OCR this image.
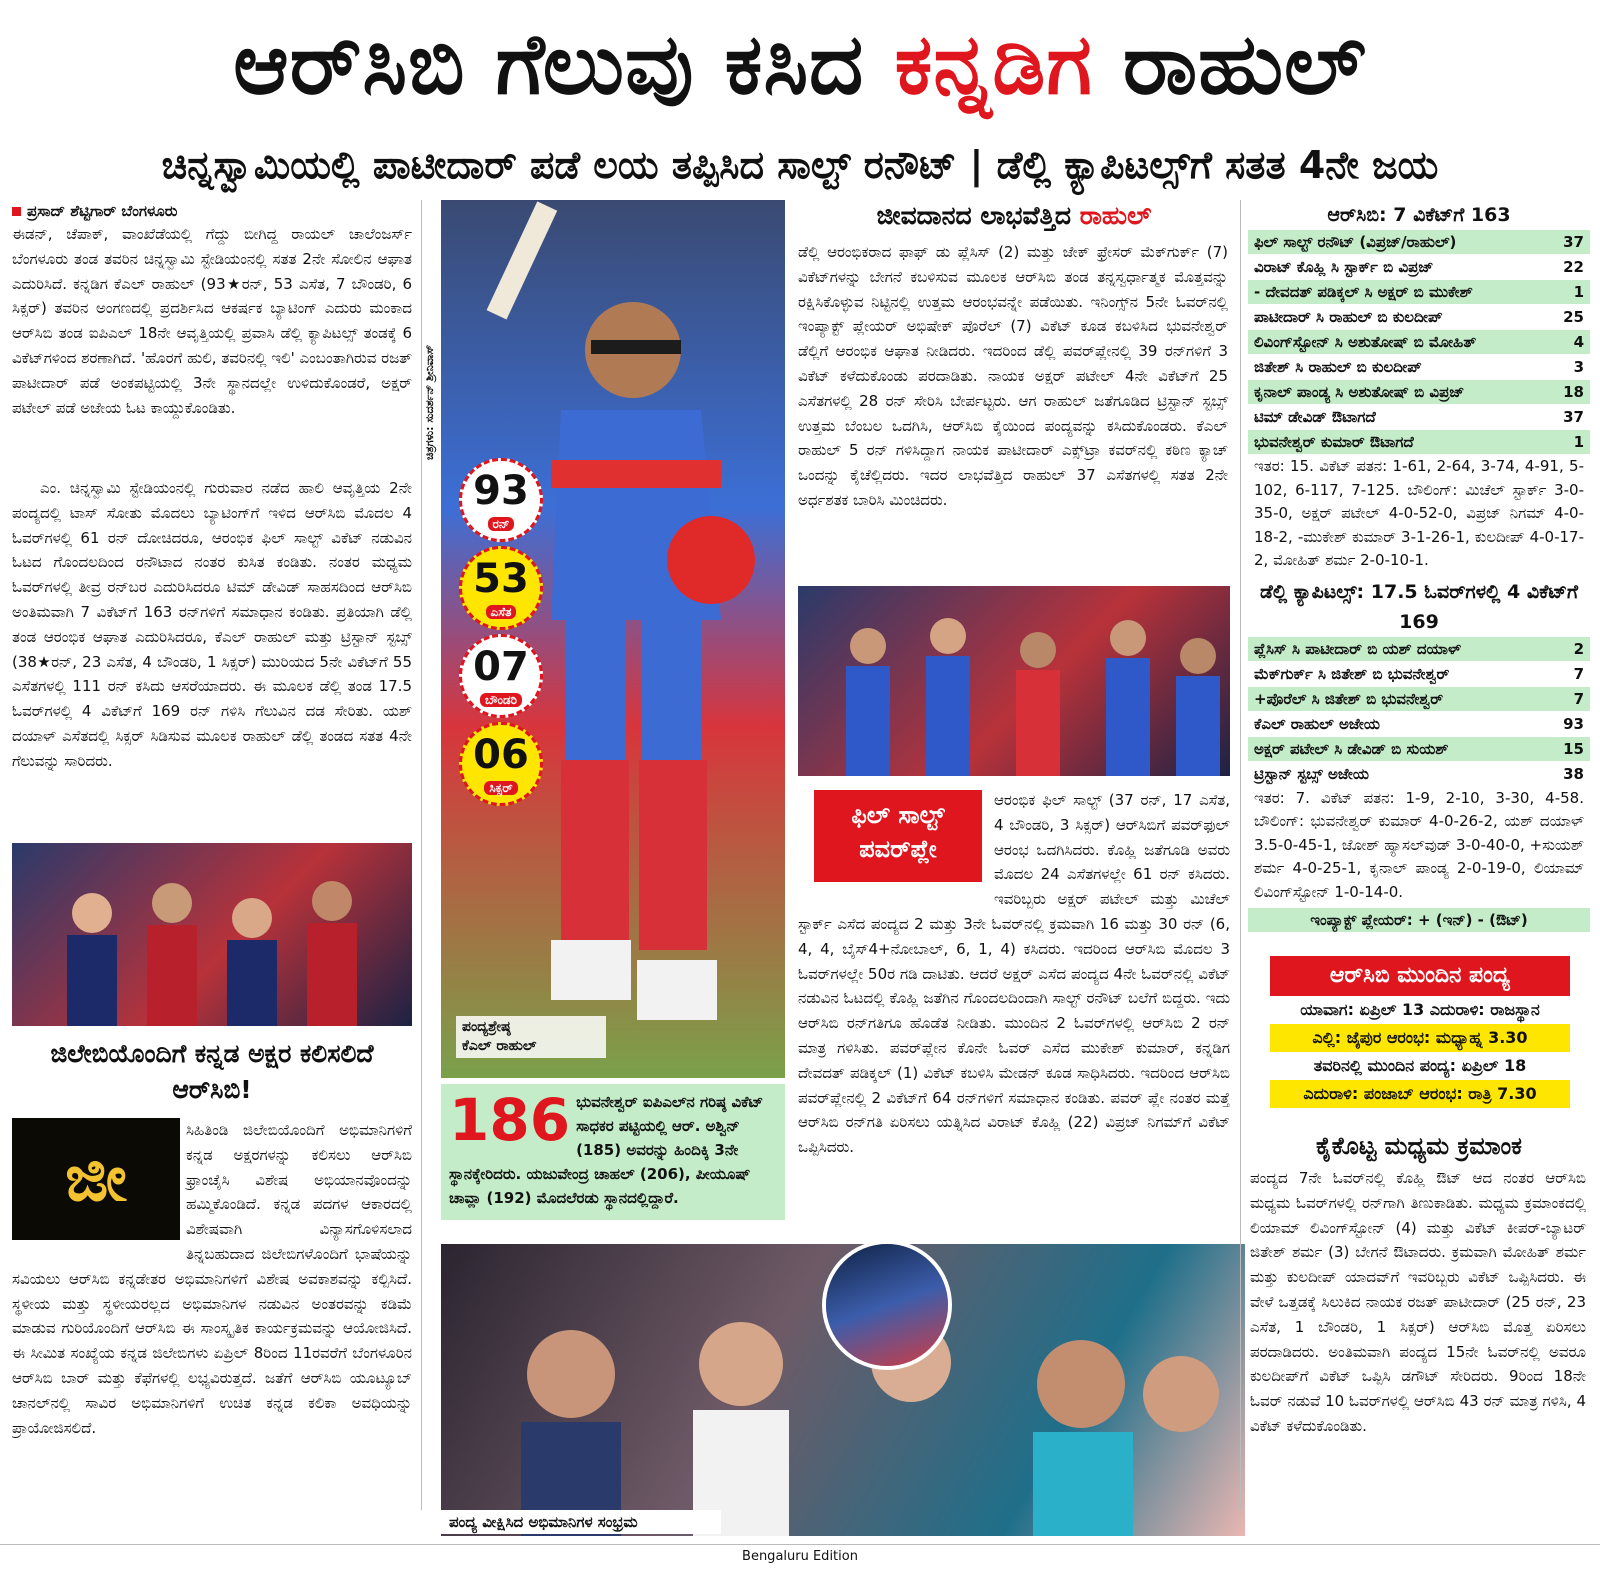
ಆರ್‌ಸಿಬಿ ಗೆಲುವು ಕಸಿದ ಕನ್ನಡಿಗ ರಾಹುಲ್
ಚಿನ್ನಸ್ವಾಮಿಯಲ್ಲಿ ಪಾಟೀದಾರ್ ಪಡೆ ಲಯ ತಪ್ಪಿಸಿದ ಸಾಲ್ಟ್ ರನೌಟ್ | ಡೆಲ್ಲಿ ಕ್ಯಾಪಿಟಲ್ಸ್‌ಗೆ ಸತತ 4ನೇ ಜಯ
ಪ್ರಸಾದ್ ಶೆಟ್ಟಿಗಾರ್ ಬೆಂಗಳೂರು
ಈಡನ್, ಚೆಪಾಕ್, ವಾಂಖೆಡೆಯಲ್ಲಿ ಗೆದ್ದು ಬೀಗಿದ್ದ ರಾಯಲ್ ಚಾಲೆಂಜರ್ಸ್ ಬೆಂಗಳೂರು ತಂಡ ತವರಿನ ಚಿನ್ನಸ್ವಾಮಿ ಸ್ಟೇಡಿಯಂನಲ್ಲಿ ಸತತ 2ನೇ ಸೋಲಿನ ಆಘಾತ ಎದುರಿಸಿದೆ. ಕನ್ನಡಿಗ ಕೆಎಲ್ ರಾಹುಲ್ (93★ರನ್, 53 ಎಸೆತ, 7 ಬೌಂಡರಿ, 6 ಸಿಕ್ಸರ್) ತವರಿನ ಅಂಗಣದಲ್ಲಿ ಪ್ರದರ್ಶಿಸಿದ ಆಕರ್ಷಕ ಬ್ಯಾಟಿಂಗ್ ಎದುರು ಮಂಕಾದ ಆರ್‌ಸಿಬಿ ತಂಡ ಐಪಿಎಲ್ 18ನೇ ಆವೃತ್ತಿಯಲ್ಲಿ ಪ್ರವಾಸಿ ಡೆಲ್ಲಿ ಕ್ಯಾಪಿಟಲ್ಸ್ ತಂಡಕ್ಕೆ 6 ವಿಕೆಟ್‌ಗಳಿಂದ ಶರಣಾಗಿದೆ. 'ಹೊರಗೆ ಹುಲಿ, ತವರಿನಲ್ಲಿ ಇಲಿ' ಎಂಬಂತಾಗಿರುವ ರಜತ್ ಪಾಟೀದಾರ್ ಪಡೆ ಅಂಕಪಟ್ಟಿಯಲ್ಲಿ 3ನೇ ಸ್ಥಾನದಲ್ಲೇ ಉಳಿದುಕೊಂಡರೆ, ಅಕ್ಷರ್ ಪಟೇಲ್ ಪಡೆ ಅಜೇಯ ಓಟ ಕಾಯ್ದುಕೊಂಡಿತು.
ಎಂ. ಚಿನ್ನಸ್ವಾಮಿ ಸ್ಟೇಡಿಯಂನಲ್ಲಿ ಗುರುವಾರ ನಡೆದ ಹಾಲಿ ಆವೃತ್ತಿಯ 2ನೇ ಪಂದ್ಯದಲ್ಲಿ ಟಾಸ್ ಸೋತು ಮೊದಲು ಬ್ಯಾಟಿಂಗ್‌ಗೆ ಇಳಿದ ಆರ್‌ಸಿಬಿ ಮೊದಲ 4 ಓವರ್‌ಗಳಲ್ಲಿ 61 ರನ್ ದೋಚಿದರೂ, ಆರಂಭಿಕ ಫಿಲ್ ಸಾಲ್ಟ್ ವಿಕೆಟ್ ನಡುವಿನ ಓಟದ ಗೊಂದಲದಿಂದ ರನೌಟಾದ ನಂತರ ಕುಸಿತ ಕಂಡಿತು. ನಂತರ ಮಧ್ಯಮ ಓವರ್‌ಗಳಲ್ಲಿ ತೀವ್ರ ರನ್‌ಬರ ಎದುರಿಸಿದರೂ ಟಿಮ್ ಡೇವಿಡ್ ಸಾಹಸದಿಂದ ಆರ್‌ಸಿಬಿ ಅಂತಿಮವಾಗಿ 7 ವಿಕೆಟ್‌ಗೆ 163 ರನ್‌ಗಳಿಗೆ ಸಮಾಧಾನ ಕಂಡಿತು. ಪ್ರತಿಯಾಗಿ ಡೆಲ್ಲಿ ತಂಡ ಆರಂಭಿಕ ಆಘಾತ ಎದುರಿಸಿದರೂ, ಕೆಎಲ್ ರಾಹುಲ್ ಮತ್ತು ಟ್ರಿಸ್ಟಾನ್ ಸ್ಟಬ್ಸ್ (38★ರನ್, 23 ಎಸೆತ, 4 ಬೌಂಡರಿ, 1 ಸಿಕ್ಸರ್) ಮುರಿಯದ 5ನೇ ವಿಕೆಟ್‌ಗೆ 55 ಎಸೆತಗಳಲ್ಲಿ 111 ರನ್ ಕಸಿದು ಆಸರೆಯಾದರು. ಈ ಮೂಲಕ ಡೆಲ್ಲಿ ತಂಡ 17.5 ಓವರ್‌ಗಳಲ್ಲಿ 4 ವಿಕೆಟ್‌ಗೆ 169 ರನ್ ಗಳಿಸಿ ಗೆಲುವಿನ ದಡ ಸೇರಿತು. ಯಶ್ ದಯಾಳ್ ಎಸೆತದಲ್ಲಿ ಸಿಕ್ಸರ್ ಸಿಡಿಸುವ ಮೂಲಕ ರಾಹುಲ್ ಡೆಲ್ಲಿ ತಂಡದ ಸತತ 4ನೇ ಗೆಲುವನ್ನು ಸಾರಿದರು.
ಜಿಲೇಬಿಯೊಂದಿಗೆ ಕನ್ನಡ ಅಕ್ಷರ ಕಲಿಸಲಿದೆ ಆರ್‌ಸಿಬಿ!
ಜೀ
ಸಿಹಿತಿಂಡಿ ಜಿಲೇಬಿಯೊಂದಿಗೆ ಅಭಿಮಾನಿಗಳಿಗೆ ಕನ್ನಡ ಅಕ್ಷರಗಳನ್ನು ಕಲಿಸಲು ಆರ್‌ಸಿಬಿ ಫ್ರಾಂಚೈಸಿ ವಿಶೇಷ ಅಭಿಯಾನವೊಂದನ್ನು ಹಮ್ಮಿಕೊಂಡಿದೆ. ಕನ್ನಡ ಪದಗಳ ಆಕಾರದಲ್ಲಿ ವಿಶೇಷವಾಗಿ ವಿನ್ಯಾಸಗೊಳಿಸಲಾದ ತಿನ್ನಬಹುದಾದ ಜಿಲೇಬಿಗಳೊಂದಿಗೆ ಭಾಷೆಯನ್ನು ಸವಿಯಲು ಆರ್‌ಸಿಬಿ ಕನ್ನಡೇತರ ಅಭಿಮಾನಿಗಳಿಗೆ ವಿಶೇಷ ಅವಕಾಶವನ್ನು ಕಲ್ಪಿಸಿದೆ. ಸ್ಥಳೀಯ ಮತ್ತು ಸ್ಥಳೀಯರಲ್ಲದ ಅಭಿಮಾನಿಗಳ ನಡುವಿನ ಅಂತರವನ್ನು ಕಡಿಮೆ ಮಾಡುವ ಗುರಿಯೊಂದಿಗೆ ಆರ್‌ಸಿಬಿ ಈ ಸಾಂಸ್ಕೃತಿಕ ಕಾರ್ಯಕ್ರಮವನ್ನು ಆಯೋಜಿಸಿದೆ. ಈ ಸೀಮಿತ ಸಂಖ್ಯೆಯ ಕನ್ನಡ ಜಿಲೇಬಿಗಳು ಏಪ್ರಿಲ್ 8ರಿಂದ 11ರವರೆಗೆ ಬೆಂಗಳೂರಿನ ಆರ್‌ಸಿಬಿ ಬಾರ್ ಮತ್ತು ಕೆಫೆಗಳಲ್ಲಿ ಲಭ್ಯವಿರುತ್ತದೆ. ಜತೆಗೆ ಆರ್‌ಸಿಬಿ ಯೂಟ್ಯೂಬ್ ಚಾನಲ್‌ನಲ್ಲಿ ಸಾವಿರ ಅಭಿಮಾನಿಗಳಿಗೆ ಉಚಿತ ಕನ್ನಡ ಕಲಿಕಾ ಅವಧಿಯನ್ನು ಪ್ರಾಯೋಜಿಸಲಿದೆ.
ಚಿತ್ರಗಳು: ಸುದರ್ಶನ್ ಶ್ರೀನಿವಾಸ್
93
ರನ್
53
ಎಸೆತ
07
ಬೌಂಡರಿ
06
ಸಿಕ್ಸರ್
ಪಂದ್ಯಶ್ರೇಷ್ಠ
ಕೆಎಲ್ ರಾಹುಲ್
186 ಭುವನೇಶ್ವರ್ ಐಪಿಎಲ್‌ನ ಗರಿಷ್ಠ ವಿಕೆಟ್ ಸಾಧಕರ ಪಟ್ಟಿಯಲ್ಲಿ ಆರ್. ಅಶ್ವಿನ್ (185) ಅವರನ್ನು ಹಿಂದಿಕ್ಕಿ 3ನೇ ಸ್ಥಾನಕ್ಕೇರಿದರು. ಯಜುವೇಂದ್ರ ಚಾಹಲ್ (206), ಪೀಯೂಷ್ ಚಾವ್ಲಾ (192) ಮೊದಲೆರಡು ಸ್ಥಾನದಲ್ಲಿದ್ದಾರೆ.
ಜೀವದಾನದ ಲಾಭವೆತ್ತಿದ ರಾಹುಲ್
ಡೆಲ್ಲಿ ಆರಂಭಿಕರಾದ ಫಾಫ್ ಡು ಪ್ಲೆಸಿಸ್ (2) ಮತ್ತು ಜೇಕ್ ಫ್ರೇಸರ್ ಮೆಕ್‌ಗುರ್ಕ್ (7) ವಿಕೆಟ್‌ಗಳನ್ನು ಬೇಗನೆ ಕಬಳಿಸುವ ಮೂಲಕ ಆರ್‌ಸಿಬಿ ತಂಡ ತನ್ನಸ್ವರ್ಧಾತ್ಮಕ ಮೊತ್ತವನ್ನು ರಕ್ಷಿಸಿಕೊಳ್ಳುವ ನಿಟ್ಟಿನಲ್ಲಿ ಉತ್ತಮ ಆರಂಭವನ್ನೇ ಪಡೆಯಿತು. ಇನಿಂಗ್ಸ್‌ನ 5ನೇ ಓವರ್‌ನಲ್ಲಿ ಇಂಪ್ಯಾಕ್ಟ್ ಪ್ಲೇಯರ್ ಅಭಿಷೇಕ್ ಪೊರೆಲ್ (7) ವಿಕೆಟ್ ಕೂಡ ಕಬಳಿಸಿದ ಭುವನೇಶ್ವರ್ ಡೆಲ್ಲಿಗೆ ಆರಂಭಿಕ ಆಘಾತ ನೀಡಿದರು. ಇದರಿಂದ ಡೆಲ್ಲಿ ಪವರ್‌ಪ್ಲೇನಲ್ಲಿ 39 ರನ್‌ಗಳಿಗೆ 3 ವಿಕೆಟ್ ಕಳೆದುಕೊಂಡು ಪರದಾಡಿತು. ನಾಯಕ ಅಕ್ಷರ್ ಪಟೇಲ್ 4ನೇ ವಿಕೆಟ್‌ಗೆ 25 ಎಸೆತಗಳಲ್ಲಿ 28 ರನ್ ಸೇರಿಸಿ ಬೇರ್ಪಟ್ಟರು. ಆಗ ರಾಹುಲ್ ಜತೆಗೂಡಿದ ಟ್ರಿಸ್ಟಾನ್ ಸ್ಟಬ್ಸ್ ಉತ್ತಮ ಬೆಂಬಲ ಒದಗಿಸಿ, ಆರ್‌ಸಿಬಿ ಕೈಯಿಂದ ಪಂದ್ಯವನ್ನು ಕಸಿದುಕೊಂಡರು. ಕೆಎಲ್ ರಾಹುಲ್ 5 ರನ್ ಗಳಿಸಿದ್ದಾಗ ನಾಯಕ ಪಾಟೀದಾರ್ ಎಕ್ಸ್‌ಟ್ರಾ ಕವರ್‌ನಲ್ಲಿ ಕಠಿಣ ಕ್ಯಾಚ್ ಒಂದನ್ನು ಕೈಚೆಲ್ಲಿದರು. ಇದರ ಲಾಭವೆತ್ತಿದ ರಾಹುಲ್ 37 ಎಸೆತಗಳಲ್ಲಿ ಸತತ 2ನೇ ಅರ್ಧಶತಕ ಬಾರಿಸಿ ಮಿಂಚಿದರು.
ಫಿಲ್ ಸಾಲ್ಟ್
ಪವರ್‌ಪ್ಲೇ
ಆರಂಭಿಕ ಫಿಲ್ ಸಾಲ್ಟ್ (37 ರನ್, 17 ಎಸೆತ, 4 ಬೌಂಡರಿ, 3 ಸಿಕ್ಸರ್) ಆರ್‌ಸಿಬಿಗೆ ಪವರ್‌ಫುಲ್ ಆರಂಭ ಒದಗಿಸಿದರು. ಕೊಹ್ಲಿ ಜತೆಗೂಡಿ ಅವರು ಮೊದಲ 24 ಎಸೆತಗಳಲ್ಲೇ 61 ರನ್ ಕಸಿದರು. ಇವರಿಬ್ಬರು ಅಕ್ಷರ್ ಪಟೇಲ್ ಮತ್ತು ಮಿಚೆಲ್ ಸ್ಟಾರ್ಕ್ ಎಸೆದ ಪಂದ್ಯದ 2 ಮತ್ತು 3ನೇ ಓವರ್‌ನಲ್ಲಿ ಕ್ರಮವಾಗಿ 16 ಮತ್ತು 30 ರನ್ (6, 4, 4, ಬೈಸ್4+ನೋಬಾಲ್, 6, 1, 4) ಕಸಿದರು. ಇದರಿಂದ ಆರ್‌ಸಿಬಿ ಮೊದಲ 3 ಓವರ್‌ಗಳಲ್ಲೇ 50ರ ಗಡಿ ದಾಟಿತು. ಆದರೆ ಅಕ್ಷರ್ ಎಸೆದ ಪಂದ್ಯದ 4ನೇ ಓವರ್‌ನಲ್ಲಿ ವಿಕೆಟ್ ನಡುವಿನ ಓಟದಲ್ಲಿ ಕೊಹ್ಲಿ ಜತೆಗಿನ ಗೊಂದಲದಿಂದಾಗಿ ಸಾಲ್ಟ್ ರನೌಟ್ ಬಲೆಗೆ ಬಿದ್ದರು. ಇದು ಆರ್‌ಸಿಬಿ ರನ್‌ಗತಿಗೂ ಹೊಡೆತ ನೀಡಿತು. ಮುಂದಿನ 2 ಓವರ್‌ಗಳಲ್ಲಿ ಆರ್‌ಸಿಬಿ 2 ರನ್ ಮಾತ್ರ ಗಳಿಸಿತು. ಪವರ್‌ಪ್ಲೇನ ಕೊನೇ ಓವರ್ ಎಸೆದ ಮುಕೇಶ್ ಕುಮಾರ್, ಕನ್ನಡಿಗ ದೇವದತ್ ಪಡಿಕ್ಕಲ್ (1) ವಿಕೆಟ್ ಕಬಳಿಸಿ ಮೇಡನ್ ಕೂಡ ಸಾಧಿಸಿದರು. ಇದರಿಂದ ಆರ್‌ಸಿಬಿ ಪವರ್‌ಪ್ಲೇನಲ್ಲಿ 2 ವಿಕೆಟ್‌ಗೆ 64 ರನ್‌ಗಳಿಗೆ ಸಮಾಧಾನ ಕಂಡಿತು. ಪವರ್ ಪ್ಲೇ ನಂತರ ಮತ್ತೆ ಆರ್‌ಸಿಬಿ ರನ್‌ಗತಿ ಏರಿಸಲು ಯತ್ನಿಸಿದ ವಿರಾಟ್ ಕೊಹ್ಲಿ (22) ವಿಪ್ರಜ್ ನಿಗಮ್‌ಗೆ ವಿಕೆಟ್ ಒಪ್ಪಿಸಿದರು.
ಪಂದ್ಯ ವೀಕ್ಷಿಸಿದ ಅಭಿಮಾನಿಗಳ ಸಂಭ್ರಮ
ಆರ್‌ಸಿಬಿ: 7 ವಿಕೆಟ್‌ಗೆ 163
ಫಿಲ್ ಸಾಲ್ಟ್ ರನೌಟ್ (ವಿಪ್ರಜ್/ರಾಹುಲ್)	37
ವಿರಾಟ್ ಕೊಹ್ಲಿ ಸಿ ಸ್ಟಾರ್ಕ್ ಬಿ ವಿಪ್ರಜ್	22
- ದೇವದತ್ ಪಡಿಕ್ಕಲ್ ಸಿ ಅಕ್ಷರ್ ಬಿ ಮುಕೇಶ್	1
ಪಾಟೀದಾರ್ ಸಿ ರಾಹುಲ್ ಬಿ ಕುಲದೀಪ್	25
ಲಿವಿಂಗ್‌ಸ್ಟೋನ್ ಸಿ ಅಶುತೋಷ್ ಬಿ ಮೋಹಿತ್	4
ಜಿತೇಶ್ ಸಿ ರಾಹುಲ್ ಬಿ ಕುಲದೀಪ್	3
ಕೃನಾಲ್ ಪಾಂಡ್ಯ ಸಿ ಅಶುತೋಷ್ ಬಿ ವಿಪ್ರಜ್	18
ಟಿಮ್ ಡೇವಿಡ್ ಔಟಾಗದೆ	37
ಭುವನೇಶ್ವರ್ ಕುಮಾರ್ ಔಟಾಗದೆ	1
ಇತರ: 15. ವಿಕೆಟ್ ಪತನ: 1-61, 2-64, 3-74, 4-91, 5-102, 6-117, 7-125. ಬೌಲಿಂಗ್: ಮಿಚೆಲ್ ಸ್ಟಾರ್ಕ್ 3-0-35-0, ಅಕ್ಷರ್ ಪಟೇಲ್ 4-0-52-0, ವಿಪ್ರಜ್ ನಿಗಮ್ 4-0-18-2, -ಮುಕೇಶ್ ಕುಮಾರ್ 3-1-26-1, ಕುಲದೀಪ್ 4-0-17-2, ಮೋಹಿತ್ ಶರ್ಮ 2-0-10-1.
ಡೆಲ್ಲಿ ಕ್ಯಾಪಿಟಲ್ಸ್: 17.5 ಓವರ್‌ಗಳಲ್ಲಿ 4 ವಿಕೆಟ್‌ಗೆ 169
ಪ್ಲೆಸಿಸ್ ಸಿ ಪಾಟೀದಾರ್ ಬಿ ಯಶ್ ದಯಾಳ್	2
ಮೆಕ್‌ಗುರ್ಕ್ ಸಿ ಜಿತೇಶ್ ಬಿ ಭುವನೇಶ್ವರ್	7
+ಪೊರೆಲ್ ಸಿ ಜಿತೇಶ್ ಬಿ ಭುವನೇಶ್ವರ್	7
ಕೆಎಲ್ ರಾಹುಲ್ ಅಜೇಯ	93
ಅಕ್ಷರ್ ಪಟೇಲ್ ಸಿ ಡೇವಿಡ್ ಬಿ ಸುಯಶ್	15
ಟ್ರಿಸ್ಟಾನ್ ಸ್ಟಬ್ಸ್ ಅಜೇಯ	38
ಇತರ: 7. ವಿಕೆಟ್ ಪತನ: 1-9, 2-10, 3-30, 4-58. ಬೌಲಿಂಗ್: ಭುವನೇಶ್ವರ್ ಕುಮಾರ್ 4-0-26-2, ಯಶ್ ದಯಾಳ್ 3.5-0-45-1, ಜೋಶ್ ಹ್ಯಾಸಲ್‌ವುಡ್ 3-0-40-0, +ಸುಯಶ್ ಶರ್ಮ 4-0-25-1, ಕೃನಾಲ್ ಪಾಂಡ್ಯ 2-0-19-0, ಲಿಯಾಮ್ ಲಿವಿಂಗ್‌ಸ್ಟೋನ್ 1-0-14-0.
ಇಂಪ್ಯಾಕ್ಟ್ ಪ್ಲೇಯರ್: + (ಇನ್) - (ಔಟ್)
ಆರ್‌ಸಿಬಿ ಮುಂದಿನ ಪಂದ್ಯ
ಯಾವಾಗ: ಏಪ್ರಿಲ್ 13 ಎದುರಾಳಿ: ರಾಜಸ್ಥಾನ
ಎಲ್ಲಿ: ಜೈಪುರ ಆರಂಭ: ಮಧ್ಯಾಹ್ನ 3.30
ತವರಿನಲ್ಲಿ ಮುಂದಿನ ಪಂದ್ಯ: ಏಪ್ರಿಲ್ 18
ಎದುರಾಳಿ: ಪಂಜಾಬ್ ಆರಂಭ: ರಾತ್ರಿ 7.30
ಕೈಕೊಟ್ಟ ಮಧ್ಯಮ ಕ್ರಮಾಂಕ
ಪಂದ್ಯದ 7ನೇ ಓವರ್‌ನಲ್ಲಿ ಕೊಹ್ಲಿ ಔಟ್ ಆದ ನಂತರ ಆರ್‌ಸಿಬಿ ಮಧ್ಯಮ ಓವರ್‌ಗಳಲ್ಲಿ ರನ್‌ಗಾಗಿ ತಿಣುಕಾಡಿತು. ಮಧ್ಯಮ ಕ್ರಮಾಂಕದಲ್ಲಿ ಲಿಯಾಮ್ ಲಿವಿಂಗ್‌ಸ್ಟೋನ್ (4) ಮತ್ತು ವಿಕೆಟ್ ಕೀಪರ್-ಬ್ಯಾಟರ್ ಜಿತೇಶ್ ಶರ್ಮ (3) ಬೇಗನೆ ಔಟಾದರು. ಕ್ರಮವಾಗಿ ಮೋಹಿತ್ ಶರ್ಮ ಮತ್ತು ಕುಲದೀಪ್ ಯಾದವ್‌ಗೆ ಇವರಿಬ್ಬರು ವಿಕೆಟ್ ಒಪ್ಪಿಸಿದರು. ಈ ವೇಳೆ ಒತ್ತಡಕ್ಕೆ ಸಿಲುಕಿದ ನಾಯಕ ರಜತ್ ಪಾಟೀದಾರ್ (25 ರನ್, 23 ಎಸೆತ, 1 ಬೌಂಡರಿ, 1 ಸಿಕ್ಸರ್) ಆರ್‌ಸಿಬಿ ಮೊತ್ತ ಏರಿಸಲು ಪರದಾಡಿದರು. ಅಂತಿಮವಾಗಿ ಪಂದ್ಯದ 15ನೇ ಓವರ್‌ನಲ್ಲಿ ಅವರೂ ಕುಲದೀಪ್‌ಗೆ ವಿಕೆಟ್ ಒಪ್ಪಿಸಿ ಡಗೌಟ್ ಸೇರಿದರು. 9ರಿಂದ 18ನೇ ಓವರ್ ನಡುವೆ 10 ಓವರ್‌ಗಳಲ್ಲಿ ಆರ್‌ಸಿಬಿ 43 ರನ್ ಮಾತ್ರ ಗಳಿಸಿ, 4 ವಿಕೆಟ್ ಕಳೆದುಕೊಂಡಿತು.
Bengaluru Edition
